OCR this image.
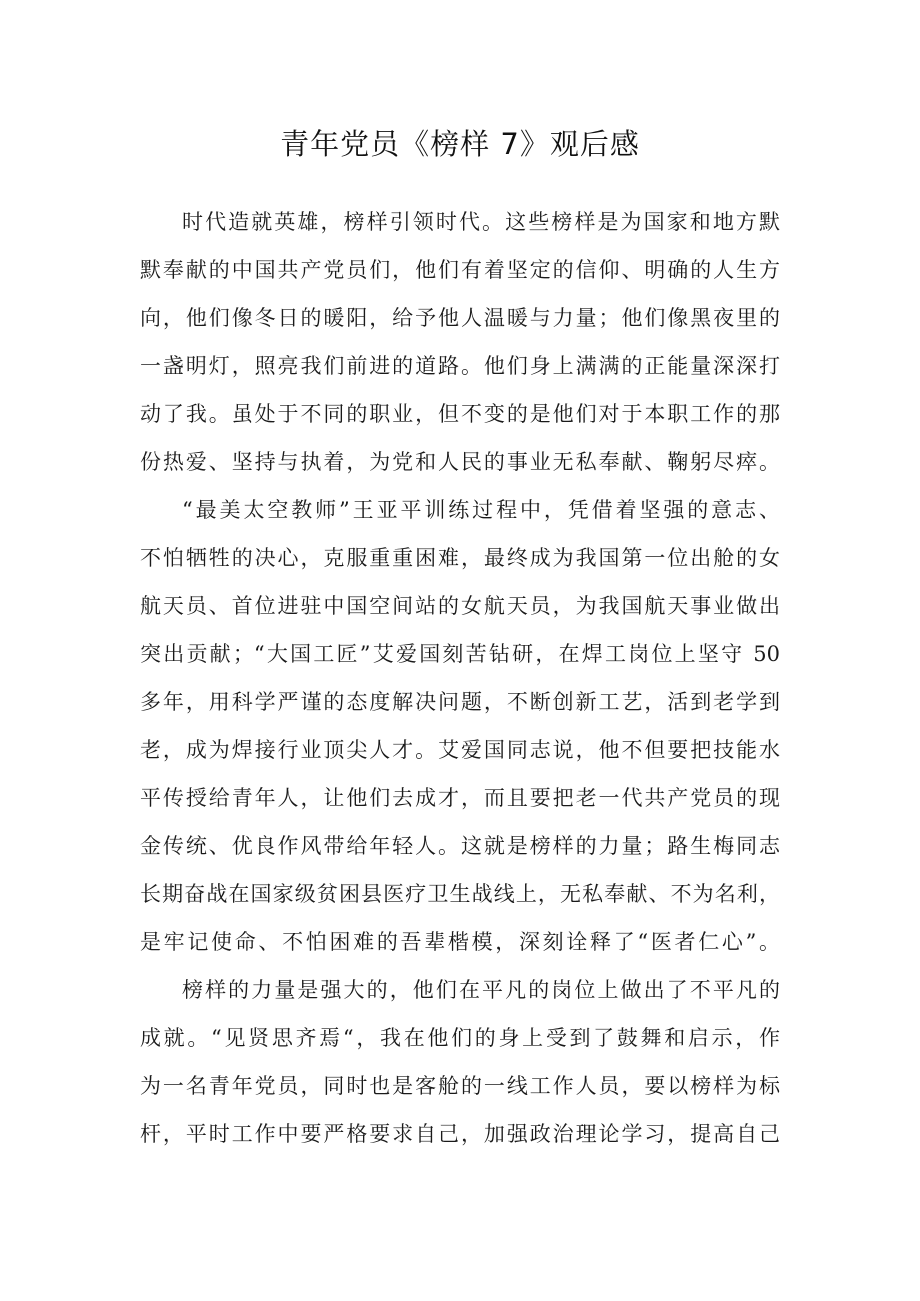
青年党员《榜样 7》观后感
时代造就英雄，榜样引领时代。这些榜样是为国家和地方默
默奉献的中国共产党员们，他们有着坚定的信仰、明确的人生方
向，他们像冬日的暖阳，给予他人温暖与力量；他们像黑夜里的
一盏明灯，照亮我们前进的道路。他们身上满满的正能量深深打
动了我。虽处于不同的职业，但不变的是他们对于本职工作的那
份热爱、坚持与执着，为党和人民的事业无私奉献、鞠躬尽瘁。
“最美太空教师”王亚平训练过程中，凭借着坚强的意志、
不怕牺牲的决心，克服重重困难，最终成为我国第一位出舱的女
航天员、首位进驻中国空间站的女航天员，为我国航天事业做出
突出贡献；“大国工匠”艾爱国刻苦钻研，在焊工岗位上坚守 50
多年，用科学严谨的态度解决问题，不断创新工艺，活到老学到
老，成为焊接行业顶尖人才。艾爱国同志说，他不但要把技能水
平传授给青年人，让他们去成才，而且要把老一代共产党员的现
金传统、优良作风带给年轻人。这就是榜样的力量；路生梅同志
长期奋战在国家级贫困县医疗卫生战线上，无私奉献、不为名利，
是牢记使命、不怕困难的吾辈楷模，深刻诠释了“医者仁心”。
榜样的力量是强大的，他们在平凡的岗位上做出了不平凡的
成就。“见贤思齐焉“，我在他们的身上受到了鼓舞和启示，作
为一名青年党员，同时也是客舱的一线工作人员，要以榜样为标
杆，平时工作中要严格要求自己，加强政治理论学习，提高自己
